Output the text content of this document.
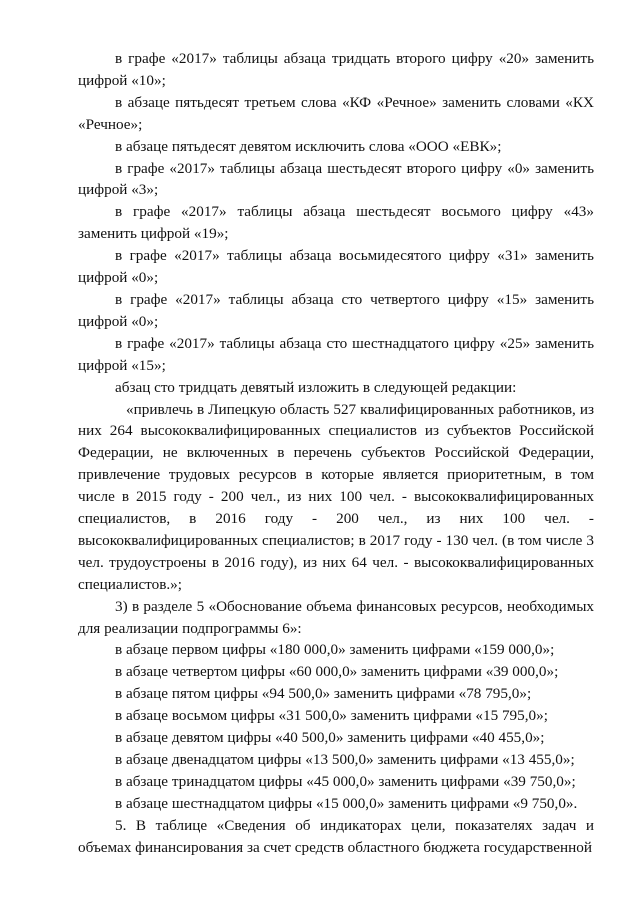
в графе «2017» таблицы абзаца тридцать второго цифру «20» заменить цифрой «10»;

в абзаце пятьдесят третьем слова «КФ «Речное» заменить словами «КХ «Речное»;

в абзаце пятьдесят девятом исключить слова «ООО «ЕВК»;

в графе «2017» таблицы абзаца шестьдесят второго цифру «0» заменить цифрой «3»;

в графе «2017» таблицы абзаца шестьдесят восьмого цифру «43» заменить цифрой «19»;

в графе «2017» таблицы абзаца восьмидесятого цифру «31» заменить цифрой «0»;

в графе «2017» таблицы абзаца сто четвертого цифру «15» заменить цифрой «0»;

в графе «2017» таблицы абзаца сто шестнадцатого цифру «25» заменить цифрой «15»;

абзац сто тридцать девятый изложить в следующей редакции:

«привлечь в Липецкую область 527 квалифицированных работников, из них 264 высококвалифицированных специалистов из субъектов Российской Федерации, не включенных в перечень субъектов Российской Федерации, привлечение трудовых ресурсов в которые является приоритетным, в том числе в 2015 году - 200 чел., из них 100 чел. - высококвалифицированных специалистов, в 2016 году - 200 чел., из них 100 чел. - высококвалифицированных специалистов; в 2017 году - 130 чел. (в том числе 3 чел. трудоустроены в 2016 году), из них 64 чел. - высококвалифицированных специалистов.»;

3) в разделе 5 «Обоснование объема финансовых ресурсов, необходимых для реализации подпрограммы 6»:

в абзаце первом цифры «180 000,0» заменить цифрами «159 000,0»;

в абзаце четвертом цифры «60 000,0» заменить цифрами «39 000,0»;

в абзаце пятом цифры «94 500,0» заменить цифрами «78 795,0»;

в абзаце восьмом цифры «31 500,0» заменить цифрами «15 795,0»;

в абзаце девятом цифры «40 500,0» заменить цифрами «40 455,0»;

в абзаце двенадцатом цифры «13 500,0» заменить цифрами «13 455,0»;

в абзаце тринадцатом цифры «45 000,0» заменить цифрами «39 750,0»;

в абзаце шестнадцатом цифры «15 000,0» заменить цифрами «9 750,0».

5. В таблице «Сведения об индикаторах цели, показателях задач и объемах финансирования за счет средств областного бюджета государственной
